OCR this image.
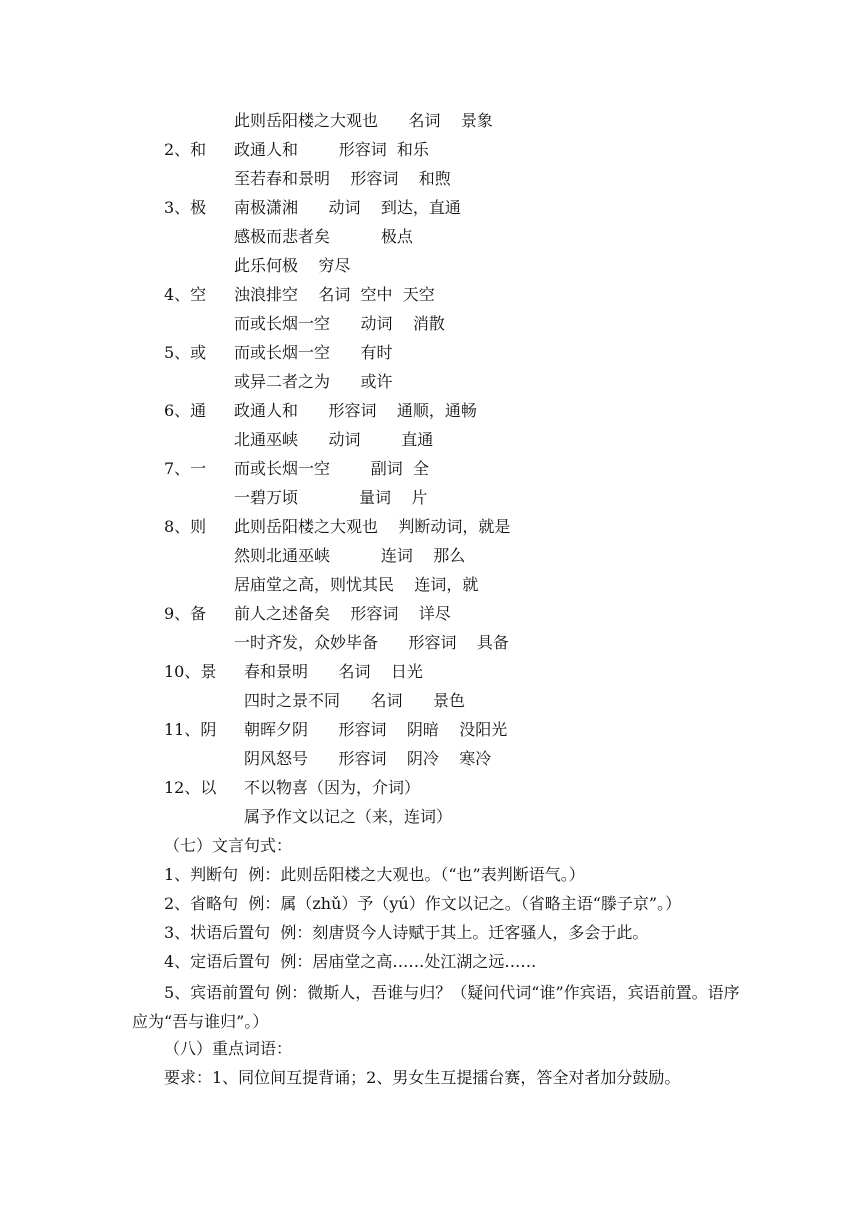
此则岳阳楼之大观也      名词    景象
2、和 政通人和        形容词  和乐
至若春和景明    形容词    和煦
3、极 南极潇湘      动词    到达，直通
感极而悲者矣          极点
此乐何极    穷尽
4、空 浊浪排空    名词  空中  天空
而或长烟一空      动词    消散
5、或 而或长烟一空      有时
或异二者之为      或许
6、通 政通人和      形容词    通顺，通畅
北通巫峡      动词        直通
7、一 而或长烟一空        副词  全
一碧万顷            量词    片
8、则 此则岳阳楼之大观也    判断动词，就是
然则北通巫峡          连词    那么
居庙堂之高，则忧其民    连词，就
9、备 前人之述备矣    形容词    详尽
一时齐发，众妙毕备      形容词    具备
10、景 春和景明      名词    日光
四时之景不同      名词      景色
11、阴 朝晖夕阴      形容词    阴暗    没阳光
阴风怒号      形容词    阴冷    寒冷
12、以 不以物喜（因为，介词）
属予作文以记之（来，连词）
（七）文言句式：
1、判断句  例：此则岳阳楼之大观也。（“也”表判断语气。）
2、省略句  例：属（zhǔ）予（yú）作文以记之。（省略主语“滕子京”。）
3、状语后置句  例：刻唐贤今人诗赋于其上。迁客骚人，多会于此。
4、定语后置句  例：居庙堂之高……处江湖之远……
5、宾语前置句 例：微斯人，吾谁与归？（疑问代词“谁”作宾语，宾语前置。语序应为“吾与谁归”。）
（八）重点词语：
要求：1、同位间互提背诵；2、男女生互提擂台赛，答全对者加分鼓励。
